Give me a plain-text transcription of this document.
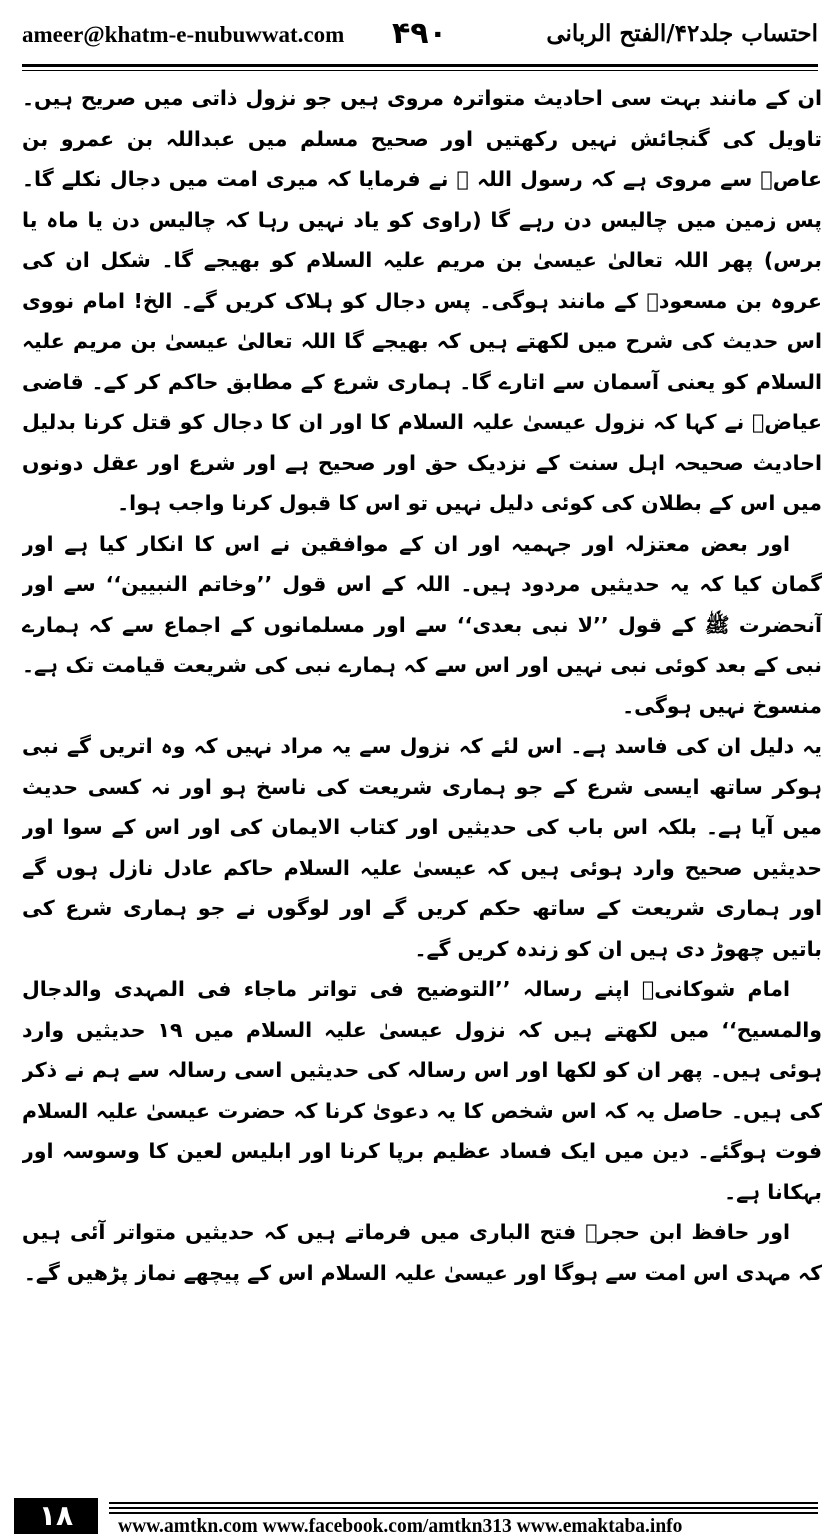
ameer@khatm-e-nubuwwat.com ۴۹۰	احتساب جلد۴۲/الفتح الربانی

ان کے مانند بہت سی احادیث متواترہ مروی ہیں جو نزول ذاتی میں صریح ہیں۔ تاویل کی گنجائش نہیں رکھتیں اور صحیح مسلم میں عبداللہ بن عمرو بن عاصؓ سے مروی ہے کہ رسول اللہ ﷺ نے فرمایا کہ میری امت میں دجال نکلے گا۔ پس زمین میں چالیس دن رہے گا (راوی کو یاد نہیں رہا کہ چالیس دن یا ماہ یا برس) پھر اللہ تعالیٰ عیسیٰ بن مریم علیہ السلام کو بھیجے گا۔ شکل ان کی عروہ بن مسعودؓ کے مانند ہوگی۔ پس دجال کو ہلاک کریں گے۔ الخ! امام نووی اس حدیث کی شرح میں لکھتے ہیں کہ بھیجے گا اللہ تعالیٰ عیسیٰ بن مریم علیہ السلام کو یعنی آسمان سے اتارے گا۔ ہماری شرع کے مطابق حاکم کر کے۔ قاضی عیاضؒ نے کہا کہ نزول عیسیٰ علیہ السلام کا اور ان کا دجال کو قتل کرنا بدلیل احادیث صحیحہ اہل سنت کے نزدیک حق اور صحیح ہے اور شرع اور عقل دونوں میں اس کے بطلان کی کوئی دلیل نہیں تو اس کا قبول کرنا واجب ہوا۔

اور بعض معتزلہ اور جہمیہ اور ان کے موافقین نے اس کا انکار کیا ہے اور گمان کیا کہ یہ حدیثیں مردود ہیں۔ اللہ کے اس قول ’’وخاتم النبیین‘‘ سے اور آنحضرت ﷺ کے قول ’’لا نبی بعدی‘‘ سے اور مسلمانوں کے اجماع سے کہ ہمارے نبی کے بعد کوئی نبی نہیں اور اس سے کہ ہمارے نبی کی شریعت قیامت تک ہے۔ منسوخ نہیں ہوگی۔

یہ دلیل ان کی فاسد ہے۔ اس لئے کہ نزول سے یہ مراد نہیں کہ وہ اتریں گے نبی ہوکر ساتھ ایسی شرع کے جو ہماری شریعت کی ناسخ ہو اور نہ کسی حدیث میں آیا ہے۔ بلکہ اس باب کی حدیثیں اور کتاب الایمان کی اور اس کے سوا اور حدیثیں صحیح وارد ہوئی ہیں کہ عیسیٰ علیہ السلام حاکم عادل نازل ہوں گے اور ہماری شریعت کے ساتھ حکم کریں گے اور لوگوں نے جو ہماری شرع کی باتیں چھوڑ دی ہیں ان کو زندہ کریں گے۔

امام شوکانیؒ اپنے رسالہ ’’التوضیح فی تواتر ماجاء فی المہدی والدجال والمسیح‘‘ میں لکھتے ہیں کہ نزول عیسیٰ علیہ السلام میں ۱۹ حدیثیں وارد ہوئی ہیں۔ پھر ان کو لکھا اور اس رسالہ کی حدیثیں اسی رسالہ سے ہم نے ذکر کی ہیں۔ حاصل یہ کہ اس شخص کا یہ دعویٰ کرنا کہ حضرت عیسیٰ علیہ السلام فوت ہوگئے۔ دین میں ایک فساد عظیم برپا کرنا اور ابلیس لعین کا وسوسہ اور بہکانا ہے۔

اور حافظ ابن حجرؒ فتح الباری میں فرماتے ہیں کہ حدیثیں متواتر آئی ہیں کہ مہدی اس امت سے ہوگا اور عیسیٰ علیہ السلام اس کے پیچھے نماز پڑھیں گے۔

۱۸	www.amtkn.com www.facebook.com/amtkn313 www.emaktaba.info
